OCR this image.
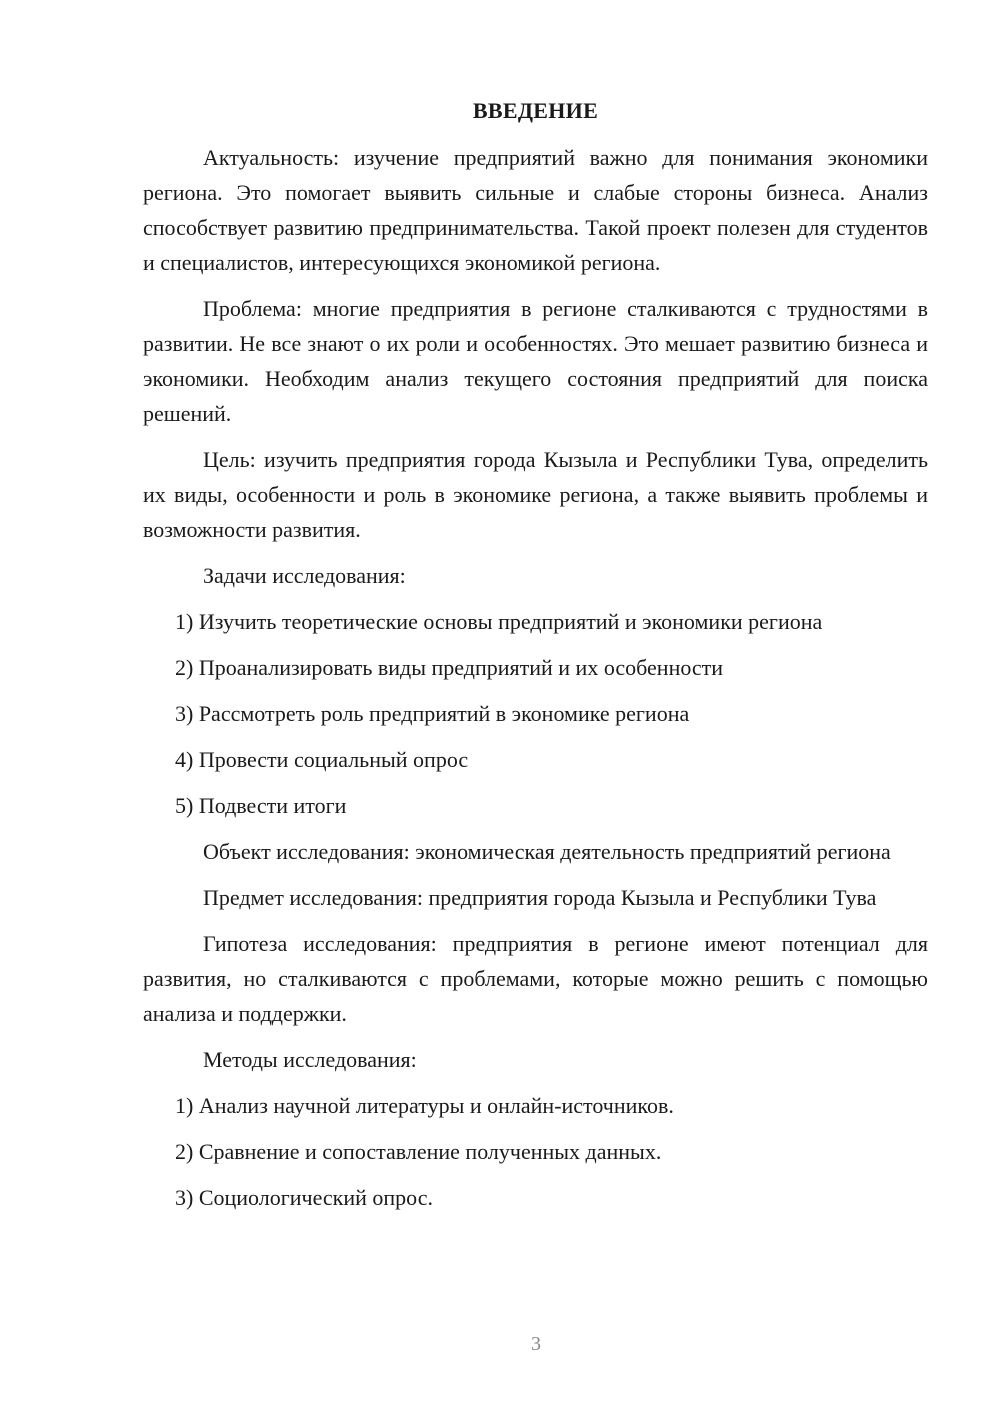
ВВЕДЕНИЕ
Актуальность: изучение предприятий важно для понимания экономики региона. Это помогает выявить сильные и слабые стороны бизнеса. Анализ способствует развитию предпринимательства. Такой проект полезен для студентов и специалистов, интересующихся экономикой региона.
Проблема: многие предприятия в регионе сталкиваются с трудностями в развитии. Не все знают о их роли и особенностях. Это мешает развитию бизнеса и экономики. Необходим анализ текущего состояния предприятий для поиска решений.
Цель: изучить предприятия города Кызыла и Республики Тува, определить их виды, особенности и роль в экономике региона, а также выявить проблемы и возможности развития.
Задачи исследования:
1) Изучить теоретические основы предприятий и экономики региона
2) Проанализировать виды предприятий и их особенности
3) Рассмотреть роль предприятий в экономике региона
4) Провести социальный опрос
5) Подвести итоги
Объект исследования: экономическая деятельность предприятий региона
Предмет исследования: предприятия города Кызыла и Республики Тува
Гипотеза исследования: предприятия в регионе имеют потенциал для развития, но сталкиваются с проблемами, которые можно решить с помощью анализа и поддержки.
Методы исследования:
1) Анализ научной литературы и онлайн-источников.
2) Сравнение и сопоставление полученных данных.
3) Социологический опрос.
3
